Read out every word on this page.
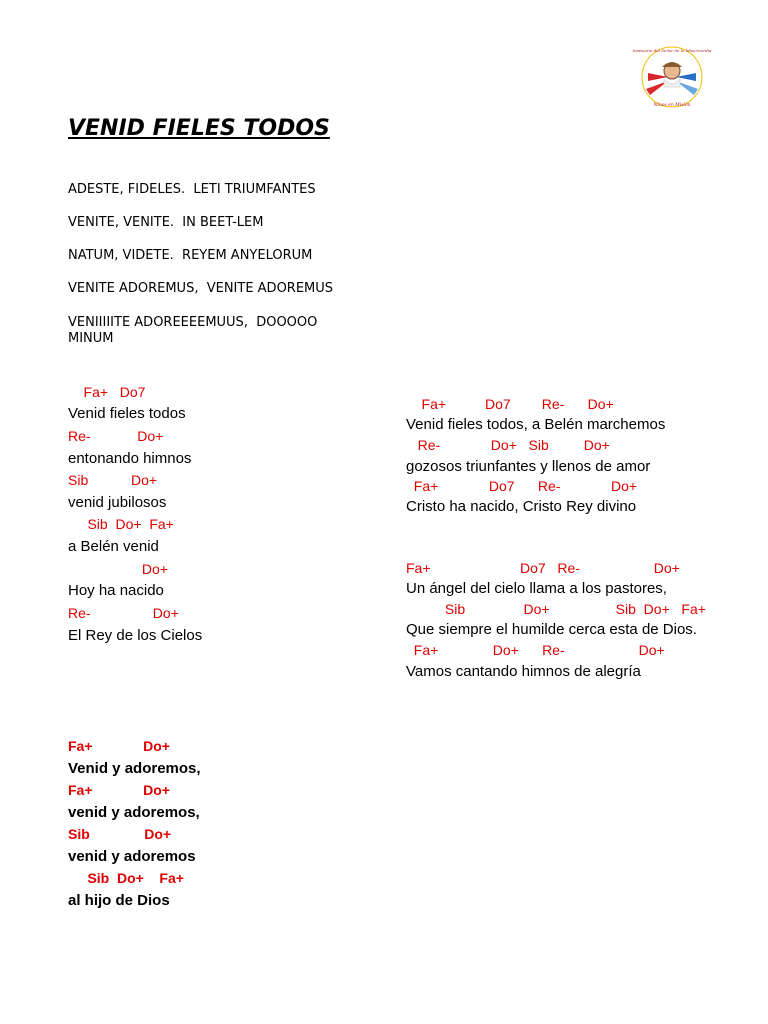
Santuario del Señor de la Misericordia
Ninos en Misión
VENID FIELES TODOS
ADESTE, FIDELES.  LETI TRIUMFANTES
VENITE, VENITE.  IN BEET-LEM
NATUM, VIDETE.  REYEM ANYELORUM
VENITE ADOREMUS,  VENITE ADOREMUS
VENIIIIITE ADOREEEEMUUS,  DOOOOO
MINUM
Fa+   Do7
Venid fieles todos
Re-            Do+
entonando himnos
Sib           Do+
venid jubilosos
Sib  Do+  Fa+
a Belén venid
Do+
Hoy ha nacido
Re-                Do+
El Rey de los Cielos
Fa+          Do7        Re-      Do+
Venid fieles todos, a Belén marchemos
Re-             Do+   Sib         Do+
gozosos triunfantes y llenos de amor
Fa+             Do7      Re-             Do+
Cristo ha nacido, Cristo Rey divino
Fa+                       Do7   Re-                   Do+
Un ángel del cielo llama a los pastores,
Sib               Do+                 Sib  Do+   Fa+
Que siempre el humilde cerca esta de Dios.
Fa+              Do+      Re-                   Do+
Vamos cantando himnos de alegría
Fa+             Do+
Venid y adoremos,
Fa+             Do+
venid y adoremos,
Sib              Do+
venid y adoremos
Sib  Do+    Fa+
al hijo de Dios
